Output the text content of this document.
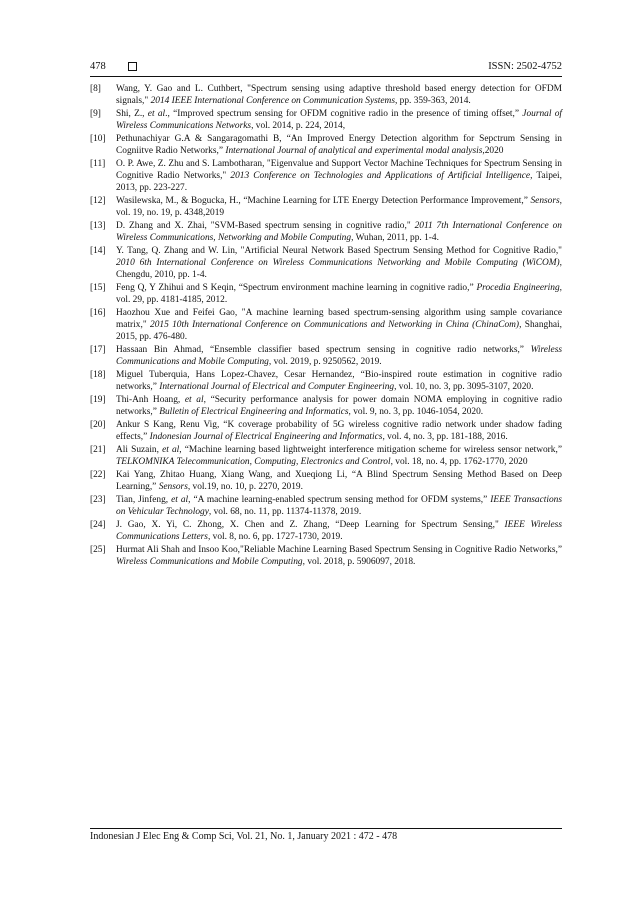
478	ISSN: 2502-4752
[8]	Wang, Y. Gao and L. Cuthbert, "Spectrum sensing using adaptive threshold based energy detection for OFDM signals," 2014 IEEE International Conference on Communication Systems, pp. 359-363, 2014.
[9]	Shi, Z., et al., “Improved spectrum sensing for OFDM cognitive radio in the presence of timing offset,” Journal of Wireless Communications Networks, vol. 2014, p. 224, 2014,
[10]	Pethunachiyar G.A & Sangaragomathi B, “An Improved Energy Detection algorithm for Sepctrum Sensing in Cogniitve Radio Networks,” International Journal of analytical and experimental modal analysis,2020
[11]	O. P. Awe, Z. Zhu and S. Lambotharan, "Eigenvalue and Support Vector Machine Techniques for Spectrum Sensing in Cognitive Radio Networks," 2013 Conference on Technologies and Applications of Artificial Intelligence, Taipei, 2013, pp. 223-227.
[12]	Wasilewska, M., & Bogucka, H., “Machine Learning for LTE Energy Detection Performance Improvement,” Sensors, vol. 19, no. 19, p. 4348,2019
[13]	D. Zhang and X. Zhai, "SVM-Based spectrum sensing in cognitive radio," 2011 7th International Conference on Wireless Communications, Networking and Mobile Computing, Wuhan, 2011, pp. 1-4.
[14]	Y. Tang, Q. Zhang and W. Lin, "Artificial Neural Network Based Spectrum Sensing Method for Cognitive Radio," 2010 6th International Conference on Wireless Communications Networking and Mobile Computing (WiCOM), Chengdu, 2010, pp. 1-4.
[15]	Feng Q, Y Zhihui and S Keqin, “Spectrum environment machine learning in cognitive radio,” Procedia Engineering, vol. 29, pp. 4181-4185, 2012.
[16]	Haozhou Xue and Feifei Gao, "A machine learning based spectrum-sensing algorithm using sample covariance matrix," 2015 10th International Conference on Communications and Networking in China (ChinaCom), Shanghai, 2015, pp. 476-480.
[17]	Hassaan Bin Ahmad, “Ensemble classifier based spectrum sensing in cognitive radio networks,” Wireless Communications and Mobile Computing, vol. 2019, p. 9250562, 2019.
[18]	Miguel Tuberquia, Hans Lopez-Chavez, Cesar Hernandez, “Bio-inspired route estimation in cognitive radio networks,” International Journal of Electrical and Computer Engineering, vol. 10, no. 3, pp. 3095-3107, 2020.
[19]	Thi-Anh Hoang, et al, “Security performance analysis for power domain NOMA employing in cognitive radio networks,” Bulletin of Electrical Engineering and Informatics, vol. 9, no. 3, pp. 1046-1054, 2020.
[20]	Ankur S Kang, Renu Vig, “K coverage probability of 5G wireless cognitive radio network under shadow fading effects,” Indonesian Journal of Electrical Engineering and Informatics, vol. 4, no. 3, pp. 181-188, 2016.
[21]	Ali Suzain, et al, “Machine learning based lightweight interference mitigation scheme for wireless sensor network,” TELKOMNIKA Telecommunication, Computing, Electronics and Control, vol. 18, no. 4, pp. 1762-1770, 2020
[22]	Kai Yang, Zhitao Huang, Xiang Wang, and Xueqiong Li, “A Blind Spectrum Sensing Method Based on Deep Learning,” Sensors, vol.19, no. 10, p. 2270, 2019.
[23]	Tian, Jinfeng, et al, “A machine learning-enabled spectrum sensing method for OFDM systems,” IEEE Transactions on Vehicular Technology, vol. 68, no. 11, pp. 11374-11378, 2019.
[24]	J. Gao, X. Yi, C. Zhong, X. Chen and Z. Zhang, “Deep Learning for Spectrum Sensing," IEEE Wireless Communications Letters, vol. 8, no. 6, pp. 1727-1730, 2019.
[25]	Hurmat Ali Shah and Insoo Koo,"Reliable Machine Learning Based Spectrum Sensing in Cognitive Radio Networks,” Wireless Communications and Mobile Computing, vol. 2018, p. 5906097, 2018.
Indonesian J Elec Eng & Comp Sci, Vol. 21, No. 1, January 2021 : 472 - 478
